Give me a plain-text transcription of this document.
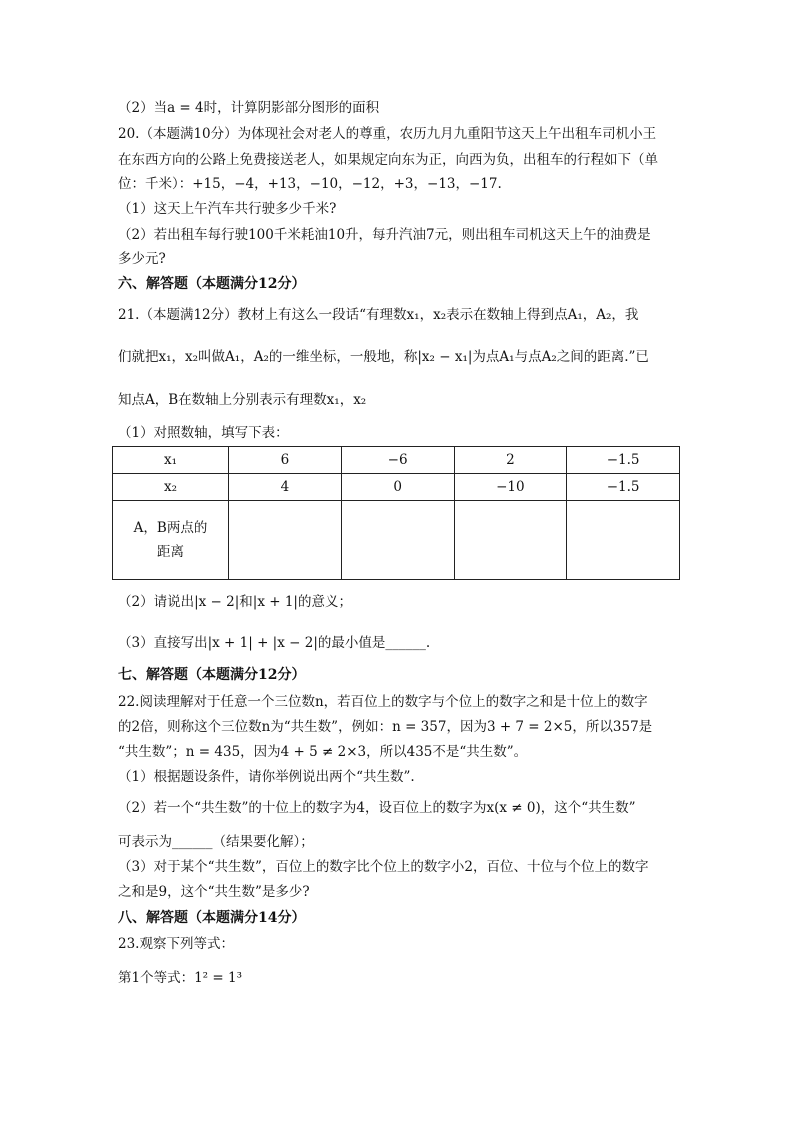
（2）当a = 4时，计算阴影部分图形的面积
20.（本题满10分）为体现社会对老人的尊重，农历九月九重阳节这天上午出租车司机小王
在东西方向的公路上免费接送老人，如果规定向东为正，向西为负，出租车的行程如下（单
位：千米）：+15，−4，+13，−10，−12，+3，−13，−17.
（1）这天上午汽车共行驶多少千米?
（2）若出租车每行驶100千米耗油10升，每升汽油7元，则出租车司机这天上午的油费是
多少元?
六、解答题（本题满分12分）
21.（本题满12分）教材上有这么一段话“有理数x₁，x₂表示在数轴上得到点A₁，A₂，我
们就把x₁，x₂叫做A₁，A₂的一维坐标，一般地，称|x₂ − x₁|为点A₁与点A₂之间的距离.”已
知点A，B在数轴上分别表示有理数x₁，x₂
（1）对照数轴，填写下表：
x₁	6	−6	2	−1.5
x₂	4	0	−10	−1.5
A，B两点的距离				
（2）请说出|x − 2|和|x + 1|的意义；
（3）直接写出|x + 1| + |x − 2|的最小值是______.
七、解答题（本题满分12分）
22.阅读理解对于任意一个三位数n，若百位上的数字与个位上的数字之和是十位上的数字
的2倍，则称这个三位数n为“共生数”，例如：n = 357，因为3 + 7 = 2×5，所以357是
“共生数”；n = 435，因为4 + 5 ≠ 2×3，所以435不是“共生数”。
（1）根据题设条件，请你举例说出两个“共生数”.
（2）若一个“共生数”的十位上的数字为4，设百位上的数字为x(x ≠ 0)，这个“共生数”
可表示为______（结果要化解）；
（3）对于某个“共生数”，百位上的数字比个位上的数字小2，百位、十位与个位上的数字
之和是9，这个“共生数”是多少?
八、解答题（本题满分14分）
23.观察下列等式：
第1个等式：1² = 1³
